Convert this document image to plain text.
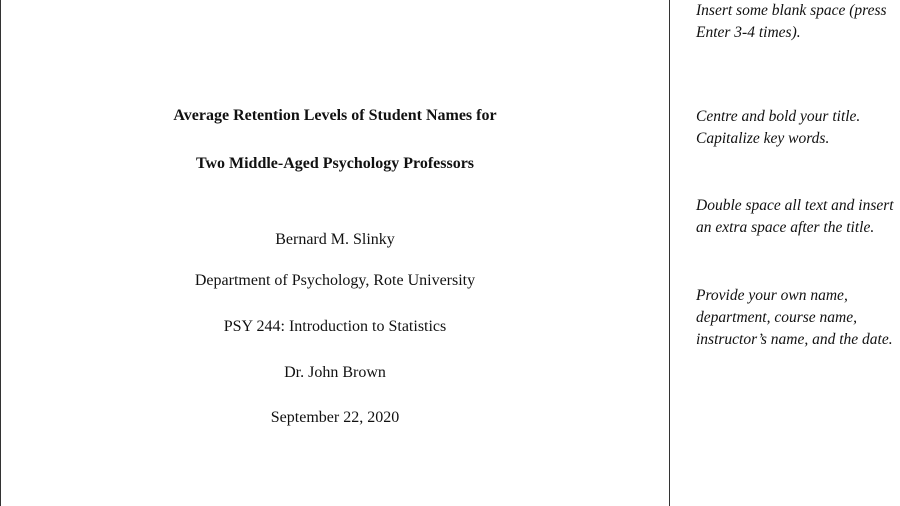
Average Retention Levels of Student Names for
Two Middle-Aged Psychology Professors
Bernard M. Slinky
Department of Psychology, Rote University
PSY 244: Introduction to Statistics
Dr. John Brown
September 22, 2020
Insert some blank space (press Enter 3-4 times).
Centre and bold your title. Capitalize key words.
Double space all text and insert an extra space after the title.
Provide your own name, department, course name, instructor’s name, and the date.
